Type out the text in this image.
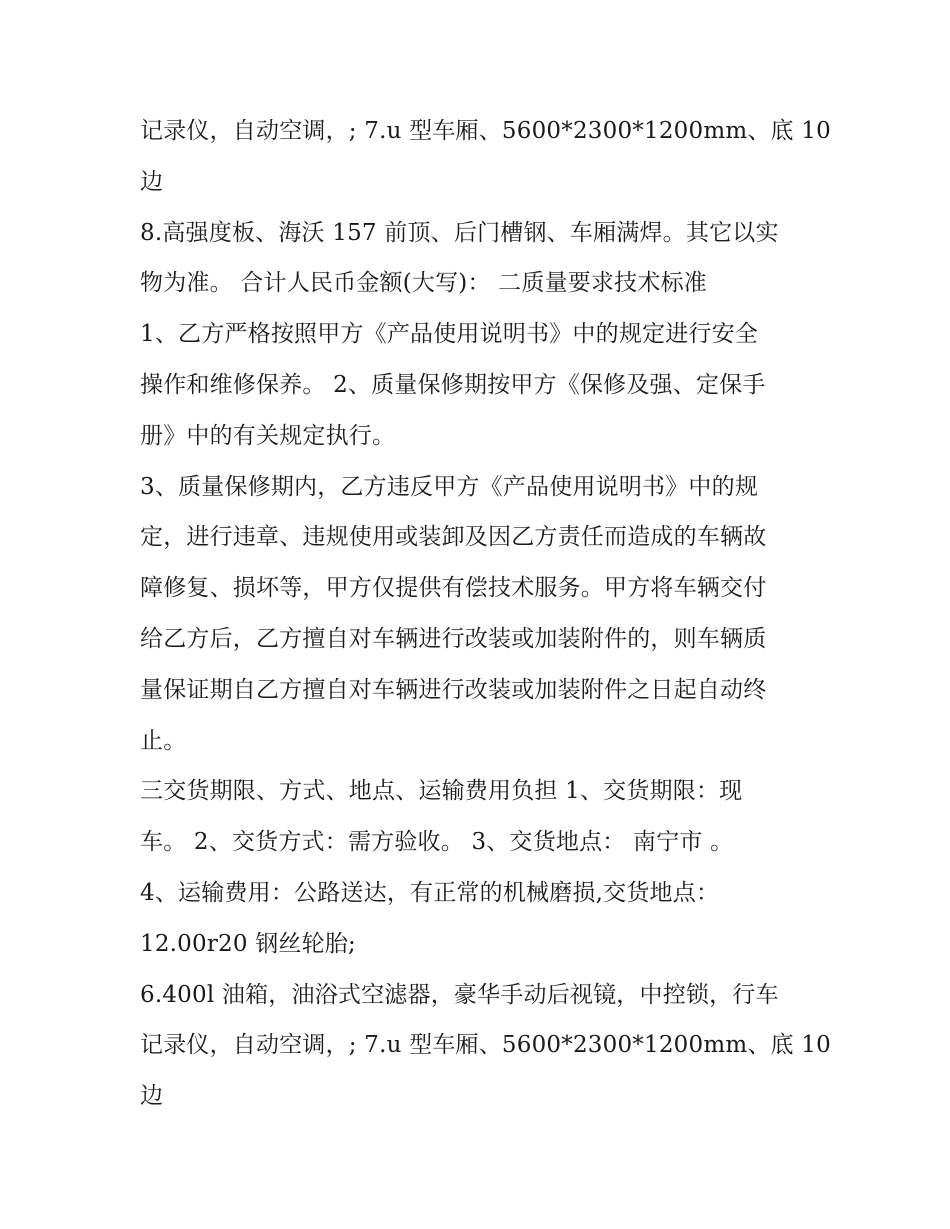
记录仪，自动空调，; 7.u 型车厢、5600*2300*1200mm、底 10
边
8.高强度板、海沃 157 前顶、后门槽钢、车厢满焊。其它以实
物为准。 合计人民币金额(大写)： 二质量要求技术标准
1、乙方严格按照甲方《产品使用说明书》中的规定进行安全
操作和维修保养。 2、质量保修期按甲方《保修及强、定保手
册》中的有关规定执行。
3、质量保修期内，乙方违反甲方《产品使用说明书》中的规
定，进行违章、违规使用或装卸及因乙方责任而造成的车辆故
障修复、损坏等，甲方仅提供有偿技术服务。甲方将车辆交付
给乙方后，乙方擅自对车辆进行改装或加装附件的，则车辆质
量保证期自乙方擅自对车辆进行改装或加装附件之日起自动终
止。
三交货期限、方式、地点、运输费用负担 1、交货期限：现
车。 2、交货方式：需方验收。 3、交货地点： 南宁市 。
4、运输费用：公路送达，有正常的机械磨损,交货地点：
12.00r20 钢丝轮胎;
6.400l 油箱，油浴式空滤器，豪华手动后视镜，中控锁，行车
记录仪，自动空调，; 7.u 型车厢、5600*2300*1200mm、底 10
边
